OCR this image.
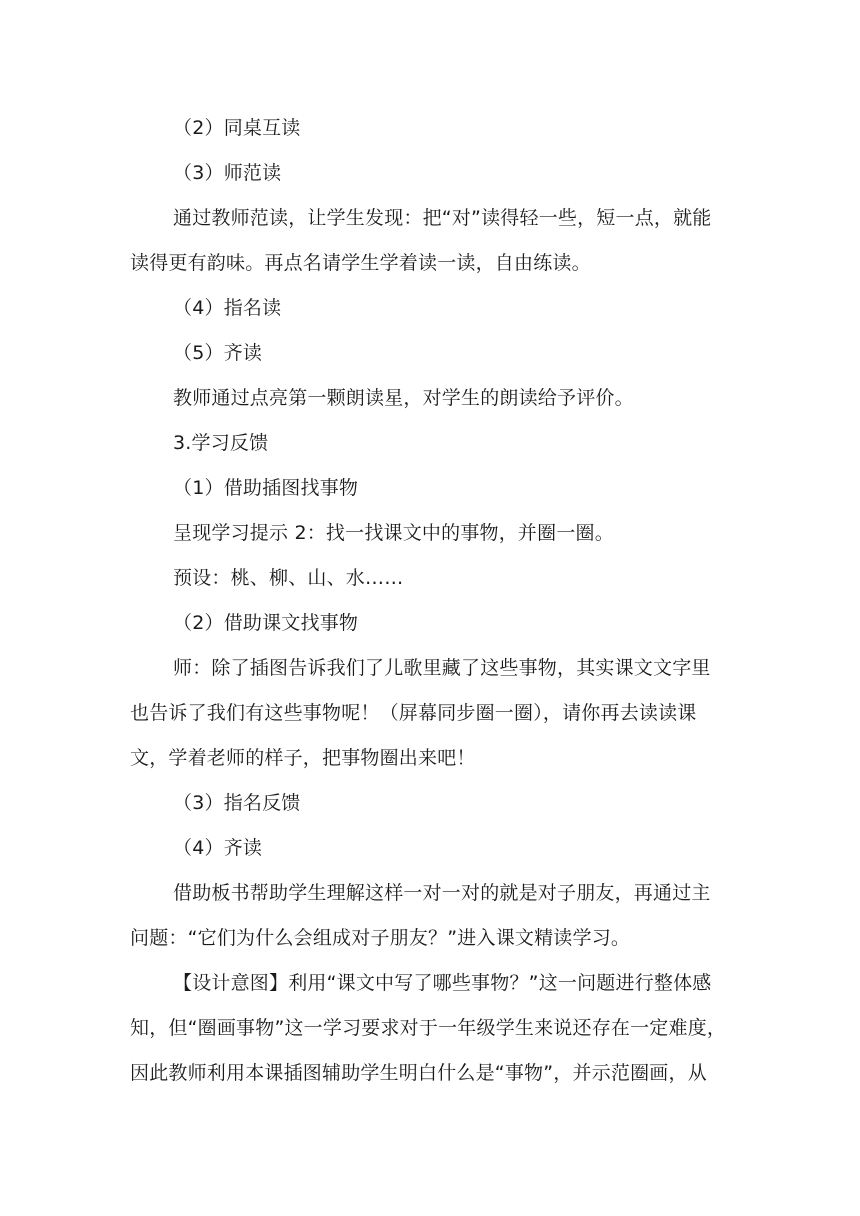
（2）同桌互读
（3）师范读
通过教师范读，让学生发现：把“对”读得轻一些，短一点，就能
读得更有韵味。再点名请学生学着读一读，自由练读。
（4）指名读
（5）齐读
教师通过点亮第一颗朗读星，对学生的朗读给予评价。
3.学习反馈
（1）借助插图找事物
呈现学习提示 2：找一找课文中的事物，并圈一圈。
预设：桃、柳、山、水……
（2）借助课文找事物
师：除了插图告诉我们了儿歌里藏了这些事物，其实课文文字里
也告诉了我们有这些事物呢！（屏幕同步圈一圈），请你再去读读课
文，学着老师的样子，把事物圈出来吧！
（3）指名反馈
（4）齐读
借助板书帮助学生理解这样一对一对的就是对子朋友，再通过主
问题：“它们为什么会组成对子朋友？”进入课文精读学习。
【设计意图】利用“课文中写了哪些事物？”这一问题进行整体感
知，但“圈画事物”这一学习要求对于一年级学生来说还存在一定难度，
因此教师利用本课插图辅助学生明白什么是“事物”，并示范圈画，从
